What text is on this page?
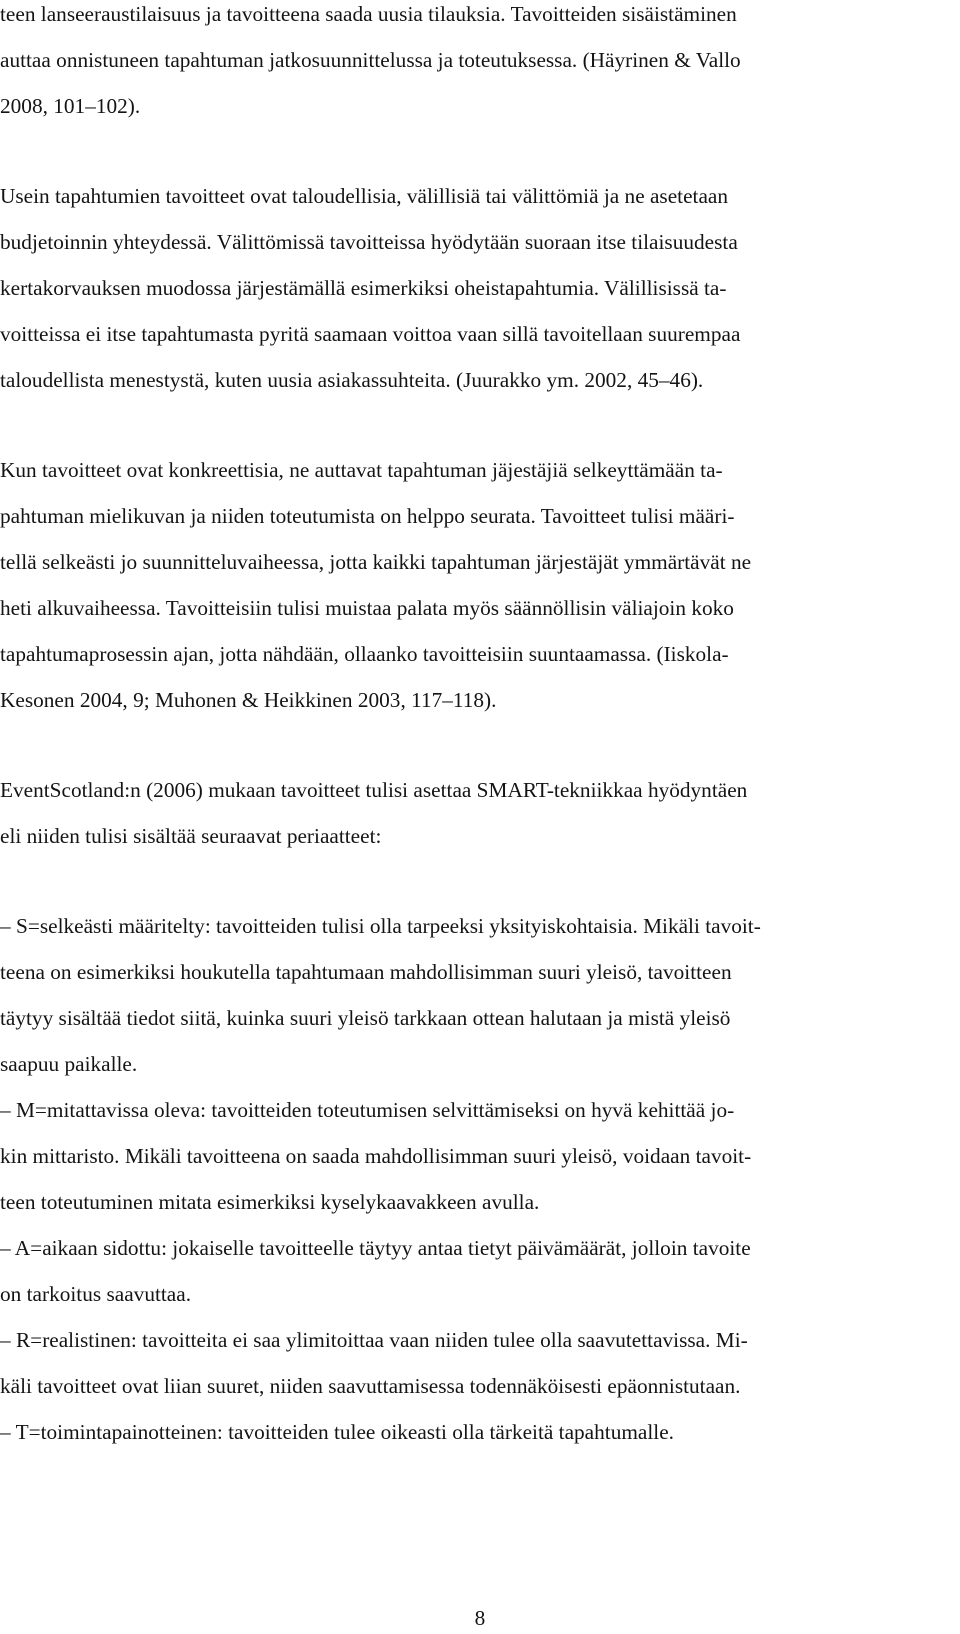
teen lanseeraustilaisuus ja tavoitteena saada uusia tilauksia. Tavoitteiden sisäistäminen
auttaa onnistuneen tapahtuman jatkosuunnittelussa ja toteutuksessa. (Häyrinen & Vallo
2008, 101–102).
Usein tapahtumien tavoitteet ovat taloudellisia, välillisiä tai välittömiä ja ne asetetaan
budjetoinnin yhteydessä. Välittömissä tavoitteissa hyödytään suoraan itse tilaisuudesta
kertakorvauksen muodossa järjestämällä esimerkiksi oheistapahtumia. Välillisissä ta-
voitteissa ei itse tapahtumasta pyritä saamaan voittoa vaan sillä tavoitellaan suurempaa
taloudellista menestystä, kuten uusia asiakassuhteita. (Juurakko ym. 2002, 45–46).
Kun tavoitteet ovat konkreettisia, ne auttavat tapahtuman jäjestäjiä selkeyttämään ta-
pahtuman mielikuvan ja niiden toteutumista on helppo seurata. Tavoitteet tulisi määri-
tellä selkeästi jo suunnitteluvaiheessa, jotta kaikki tapahtuman järjestäjät ymmärtävät ne
heti alkuvaiheessa. Tavoitteisiin tulisi muistaa palata myös säännöllisin väliajoin koko
tapahtumaprosessin ajan, jotta nähdään, ollaanko tavoitteisiin suuntaamassa. (Iiskola-
Kesonen 2004, 9; Muhonen & Heikkinen 2003, 117–118).
EventScotland:n (2006) mukaan tavoitteet tulisi asettaa SMART-tekniikkaa hyödyntäen
eli niiden tulisi sisältää seuraavat periaatteet:
– S=selkeästi määritelty: tavoitteiden tulisi olla tarpeeksi yksityiskohtaisia. Mikäli tavoit-
teena on esimerkiksi houkutella tapahtumaan mahdollisimman suuri yleisö, tavoitteen
täytyy sisältää tiedot siitä, kuinka suuri yleisö tarkkaan ottean halutaan ja mistä yleisö
saapuu paikalle.
– M=mitattavissa oleva: tavoitteiden toteutumisen selvittämiseksi on hyvä kehittää jo-
kin mittaristo. Mikäli tavoitteena on saada mahdollisimman suuri yleisö, voidaan tavoit-
teen toteutuminen mitata esimerkiksi kyselykaavakkeen avulla.
– A=aikaan sidottu: jokaiselle tavoitteelle täytyy antaa tietyt päivämäärät, jolloin tavoite
on tarkoitus saavuttaa.
– R=realistinen: tavoitteita ei saa ylimitoittaa vaan niiden tulee olla saavutettavissa. Mi-
käli tavoitteet ovat liian suuret, niiden saavuttamisessa todennäköisesti epäonnistutaan.
– T=toimintapainotteinen: tavoitteiden tulee oikeasti olla tärkeitä tapahtumalle.
8
